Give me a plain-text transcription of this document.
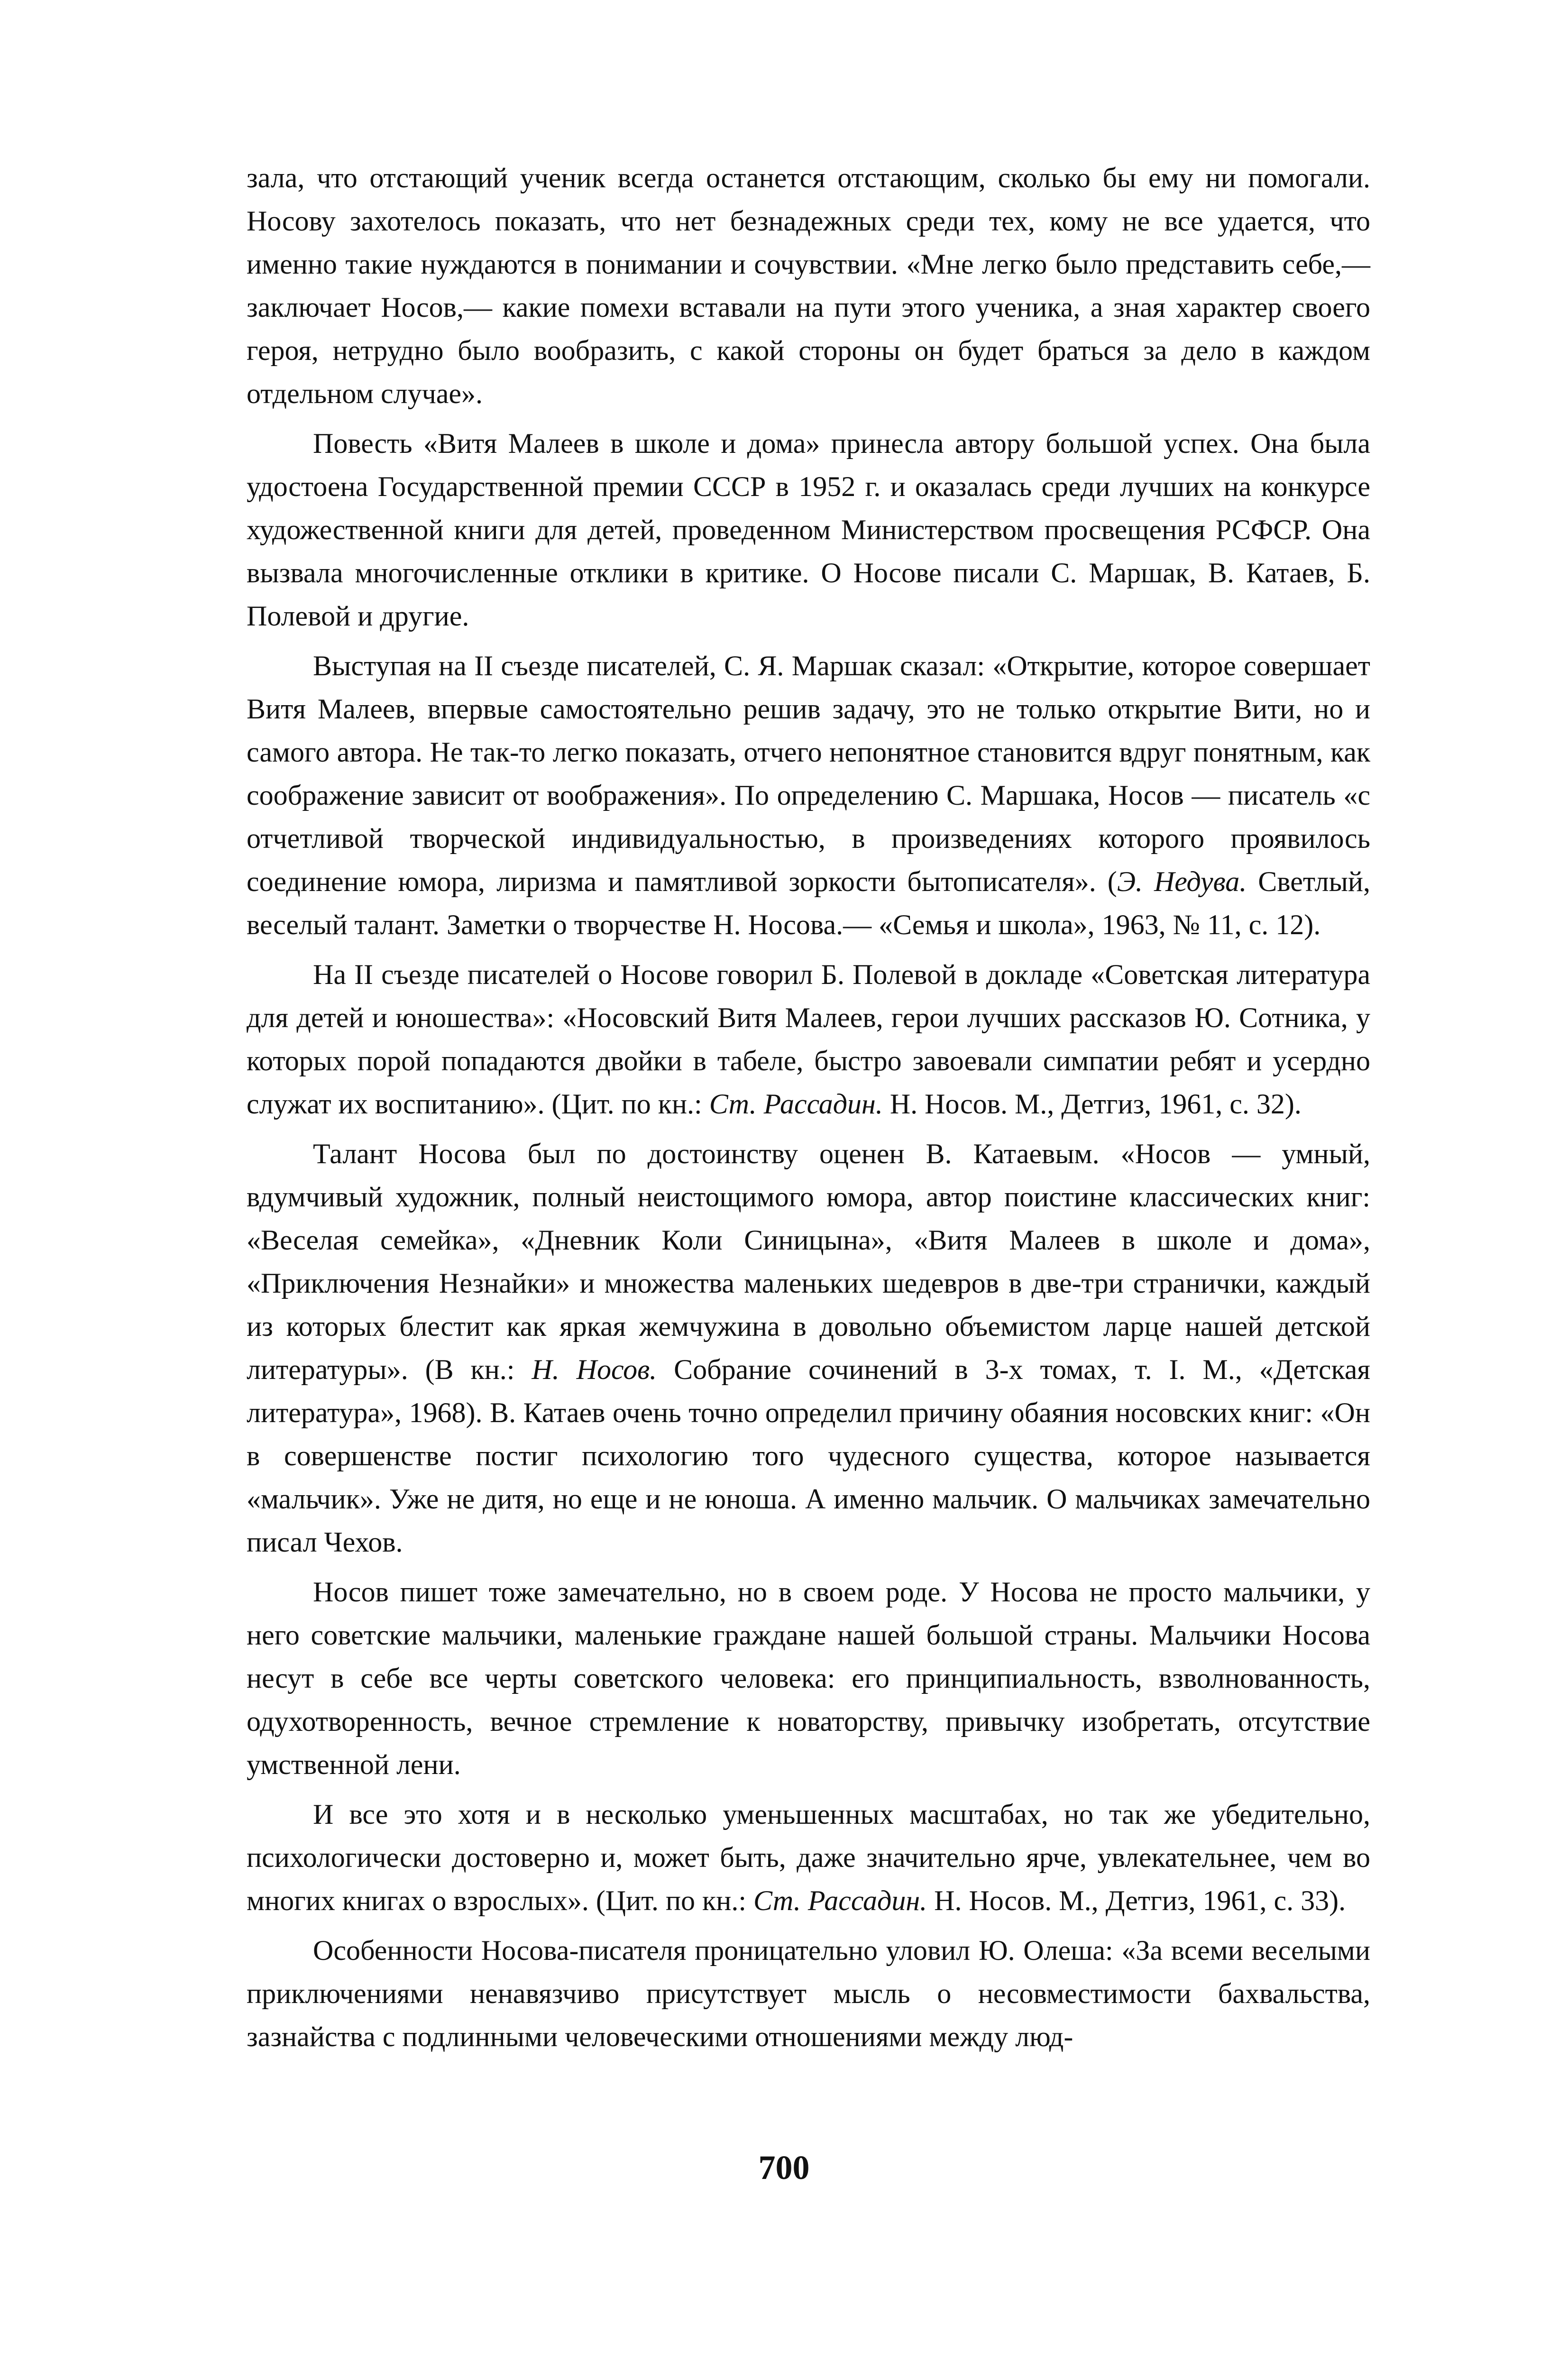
зала, что отстающий ученик всегда останется отстающим, сколько бы ему ни помогали. Носову захотелось показать, что нет безнадежных среди тех, кому не все удается, что именно такие нуждаются в понимании и сочувствии. «Мне легко было представить себе,— заключает Носов,— какие помехи вставали на пути этого ученика, а зная характер своего героя, нетрудно было вообразить, с какой стороны он будет браться за дело в каждом отдельном случае».

Повесть «Витя Малеев в школе и дома» принесла автору большой успех. Она была удостоена Государственной премии СССР в 1952 г. и оказалась среди лучших на конкурсе художественной книги для детей, проведенном Министерством просвещения РСФСР. Она вызвала многочисленные отклики в критике. О Носове писали С. Маршак, В. Катаев, Б. Полевой и другие.

Выступая на II съезде писателей, С. Я. Маршак сказал: «Открытие, которое совершает Витя Малеев, впервые самостоятельно решив задачу, это не только открытие Вити, но и самого автора. Не так-то легко показать, отчего непонятное становится вдруг понятным, как соображение зависит от воображения». По определению С. Маршака, Носов — писатель «с отчетливой творческой индивидуальностью, в произведениях которого проявилось соединение юмора, лиризма и памятливой зоркости бытописателя». (Э. Недува. Светлый, веселый талант. Заметки о творчестве Н. Носова.— «Семья и школа», 1963, № 11, с. 12).

На II съезде писателей о Носове говорил Б. Полевой в докладе «Советская литература для детей и юношества»: «Носовский Витя Малеев, герои лучших рассказов Ю. Сотника, у которых порой попадаются двойки в табеле, быстро завоевали симпатии ребят и усердно служат их воспитанию». (Цит. по кн.: Ст. Рассадин. Н. Носов. М., Детгиз, 1961, с. 32).

Талант Носова был по достоинству оценен В. Катаевым. «Носов — умный, вдумчивый художник, полный неистощимого юмора, автор поистине классических книг: «Веселая семейка», «Дневник Коли Синицына», «Витя Малеев в школе и дома», «Приключения Незнайки» и множества маленьких шедевров в две-три странички, каждый из которых блестит как яркая жемчужина в довольно объемистом ларце нашей детской литературы». (В кн.: Н. Носов. Собрание сочинений в 3-х томах, т. I. М., «Детская литература», 1968). В. Катаев очень точно определил причину обаяния носовских книг: «Он в совершенстве постиг психологию того чудесного существа, которое называется «мальчик». Уже не дитя, но еще и не юноша. А именно мальчик. О мальчиках замечательно писал Чехов.

Носов пишет тоже замечательно, но в своем роде. У Носова не просто мальчики, у него советские мальчики, маленькие граждане нашей большой страны. Мальчики Носова несут в себе все черты советского человека: его принципиальность, взволнованность, одухотворенность, вечное стремление к новаторству, привычку изобретать, отсутствие умственной лени.

И все это хотя и в несколько уменьшенных масштабах, но так же убедительно, психологически достоверно и, может быть, даже значительно ярче, увлекательнее, чем во многих книгах о взрослых». (Цит. по кн.: Ст. Рассадин. Н. Носов. М., Детгиз, 1961, с. 33).

Особенности Носова-писателя проницательно уловил Ю. Олеша: «За всеми веселыми приключениями ненавязчиво присутствует мысль о несовместимости бахвальства, зазнайства с подлинными человеческими отношениями между люд-

700
